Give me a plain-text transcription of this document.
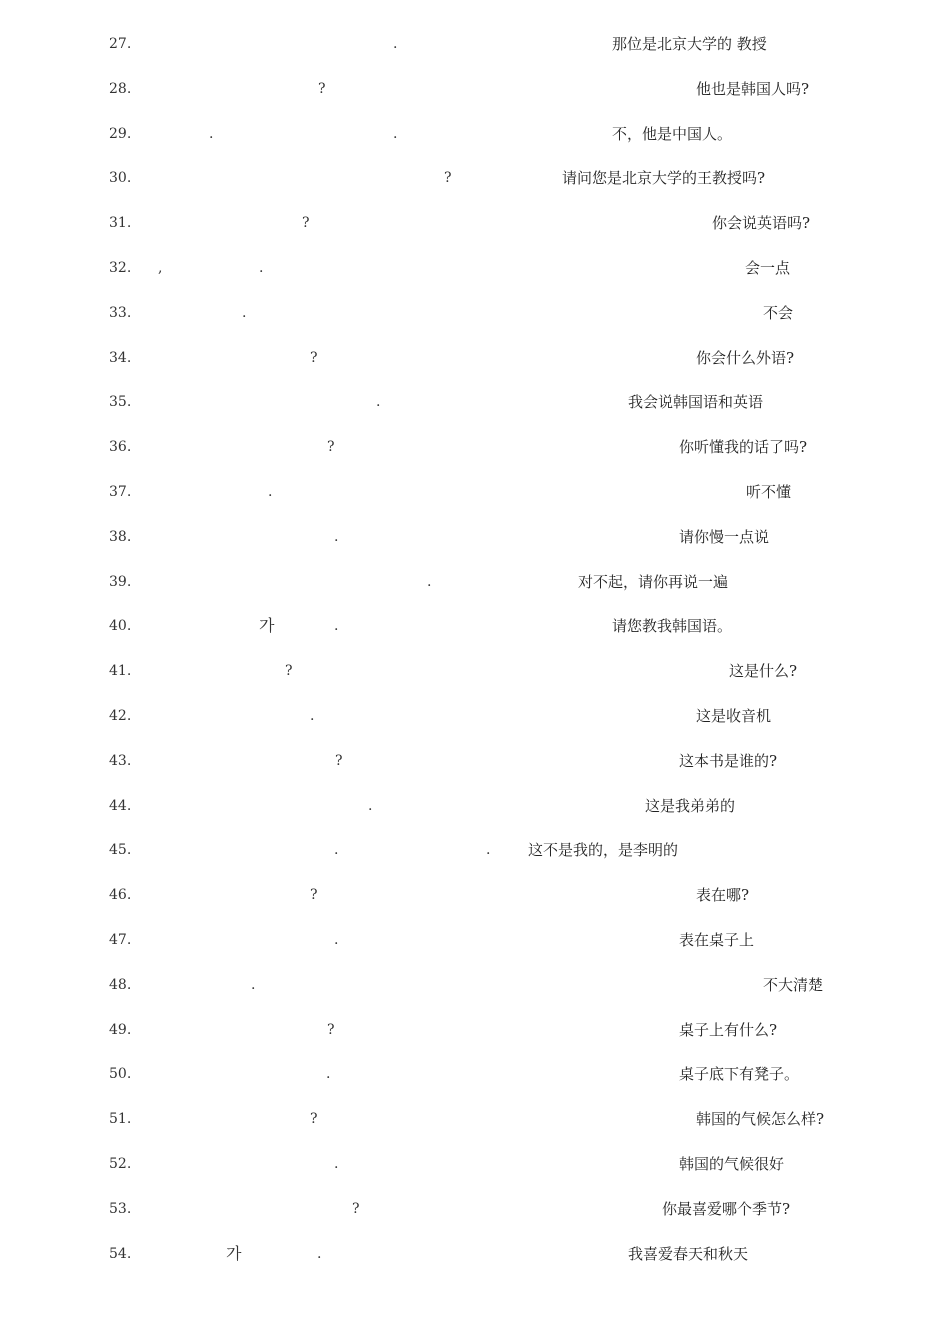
27.	.	那位是北京大学的 教授
28.	?	他也是韩国人吗?
29.	.	.	不，他是中国人。
30.	?	请问您是北京大学的王教授吗?
31.	?	你会说英语吗?
32. ,	.	会一点
33.	.	不会
34.	?	你会什么外语?
35.	.	我会说韩国语和英语
36.	?	你听懂我的话了吗?
37.	.	听不懂
38.	.	请你慢一点说
39.	.	对不起，请你再说一遍
40.	가	.	请您教我韩国语。
41.	?	这是什么?
42.	.	这是收音机
43.	?	这本书是谁的?
44.	.	这是我弟弟的
45.	.	.	这不是我的，是李明的
46.	?	表在哪?
47.	.	表在桌子上
48.	.	不大清楚
49.	?	桌子上有什么?
50.	.	桌子底下有凳子。
51.	?	韩国的气候怎么样?
52.	.	韩国的气候很好
53.	?	你最喜爱哪个季节?
54.	가	.	我喜爱春天和秋天
